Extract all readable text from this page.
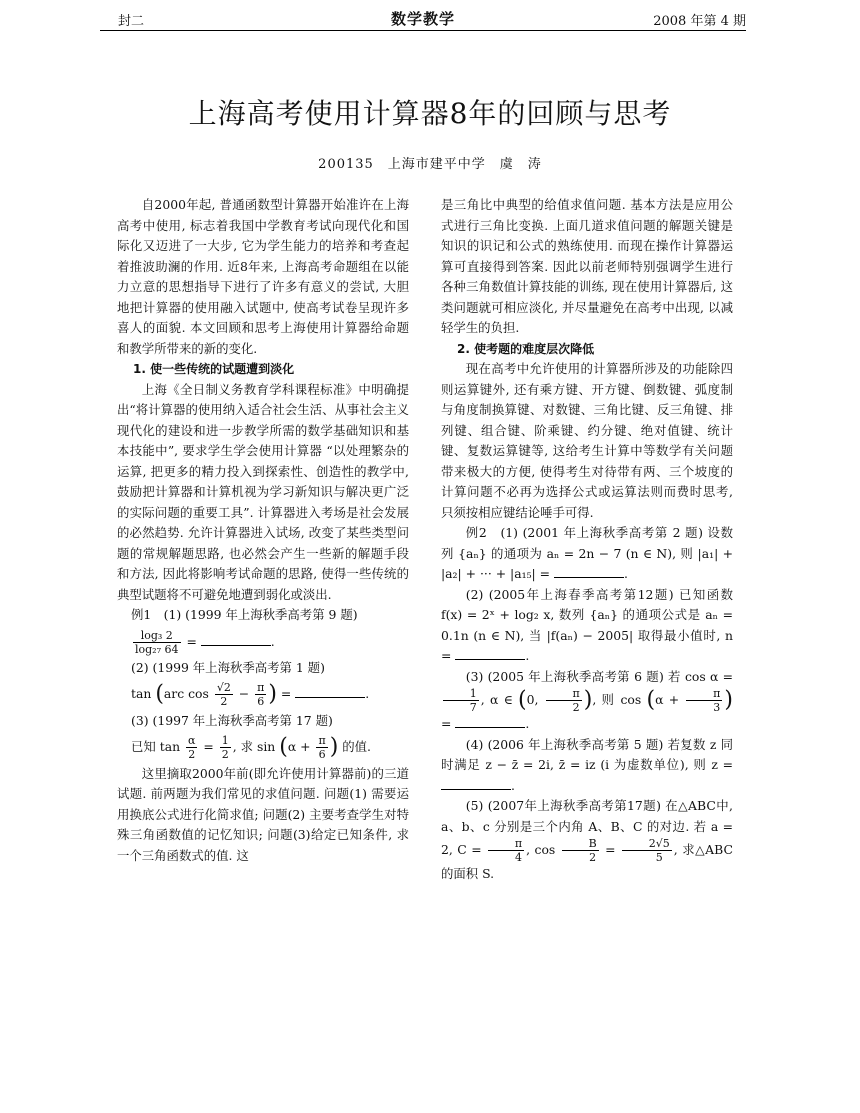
封二	数学教学	2008 年第 4 期
上海高考使用计算器8年的回顾与思考
200135　上海市建平中学　虞　涛

自2000年起, 普通函数型计算器开始准许在上海高考中使用, 标志着我国中学教育考试向现代化和国际化又迈进了一大步, 它为学生能力的培养和考查起着推波助澜的作用. 近8年来, 上海高考命题组在以能力立意的思想指导下进行了许多有意义的尝试, 大胆地把计算器的使用融入试题中, 使高考试卷呈现许多喜人的面貌. 本文回顾和思考上海使用计算器给命题和教学所带来的新的变化.

1. 使一些传统的试题遭到淡化

上海《全日制义务教育学科课程标准》中明确提出“将计算器的使用纳入适合社会生活、从事社会主义现代化的建设和进一步教学所需的数学基础知识和基本技能中”, 要求学生学会使用计算器 “以处理繁杂的运算, 把更多的精力投入到探索性、创造性的教学中, 鼓励把计算器和计算机视为学习新知识与解决更广泛的实际问题的重要工具”. 计算器进入考场是社会发展的必然趋势. 允许计算器进入试场, 改变了某些类型问题的常规解题思路, 也必然会产生一些新的解题手段和方法, 因此将影响考试命题的思路, 使得一些传统的典型试题将不可避免地遭到弱化或淡出.

例1　(1) (1999 年上海秋季高考第 9 题)
$\frac{\text{log₃ 2}}{\text{log₂₇ 64}}$ =	.
(2) (1999 年上海秋季高考第 1 题)
tan (arc $\cos \frac{√2}{2} - \frac{\pi}{6}$ ) =	.
(3) (1997 年上海秋季高考第 17 题)
已知 $\tan \frac{\alpha}{2} = \frac{1}{2}$ , 求 $\sin (\alpha + \frac{\pi}{6}$ ) 的值.

这里摘取2000年前(即允许使用计算器前)的三道试题. 前两题为我们常见的求值问题. 问题(1) 需要运用换底公式进行化简求值; 问题(2) 主要考查学生对特殊三角函数值的记忆知识; 问题(3)给定已知条件, 求一个三角函数式的值. 这

是三角比中典型的给值求值问题. 基本方法是应用公式进行三角比变换. 上面几道求值问题的解题关键是知识的识记和公式的熟练使用. 而现在操作计算器运算可直接得到答案. 因此以前老师特别强调学生进行各种三角数值计算技能的训练, 现在使用计算器后, 这类问题就可相应淡化, 并尽量避免在高考中出现, 以减轻学生的负担.

2. 使考题的难度层次降低

现在高考中允许使用的计算器所涉及的功能除四则运算键外, 还有乘方键、开方键、倒数键、弧度制与角度制换算键、对数键、三角比键、反三角键、排列键、组合键、阶乘键、约分键、绝对值键、统计键、复数运算键等, 这给考生计算中等数学有关问题带来极大的方便, 使得考生对待带有两、三个坡度的计算问题不必再为选择公式或运算法则而费时思考, 只须按相应键结论唾手可得.

例2　(1) (2001 年上海秋季高考第 2 题) 设数列 {aₙ} 的通项为 aₙ = 2n − 7 (n ∈ N), 则 |a₁| + |a₂| + ··· + |a₁₅| =	.

(2) (2005年上海春季高考第12题) 已知函数 f(x) = 2ˣ + log₂ x, 数列 {aₙ} 的通项公式是 aₙ = 0.1n (n ∈ N), 当 |f(aₙ) − 2005| 取得最小值时, n =	.

(3) (2005 年上海秋季高考第 6 题) 若 cos α =
$\frac{1}{7}$ , α ∈ (0, $\frac{\pi}{2}$ ), 则 $\cos (\alpha + \frac{\pi}{3}$ ) =	.

(4) (2006 年上海秋季高考第 5 题) 若复数 z 同时满足 z − z̄ = 2i, z̄ = iz (i 为虚数单位), 则 z = .

(5) (2007年上海秋季高考第17题) 在△ABC中, a、b、c 分别是三个内角 A、B、C 的对边. 若 a = 2, $C = \frac{\pi}{4}$ , $\cos \frac{B}{2} = \frac{2√5}{5}$ , 求△ABC 的面积 S.
